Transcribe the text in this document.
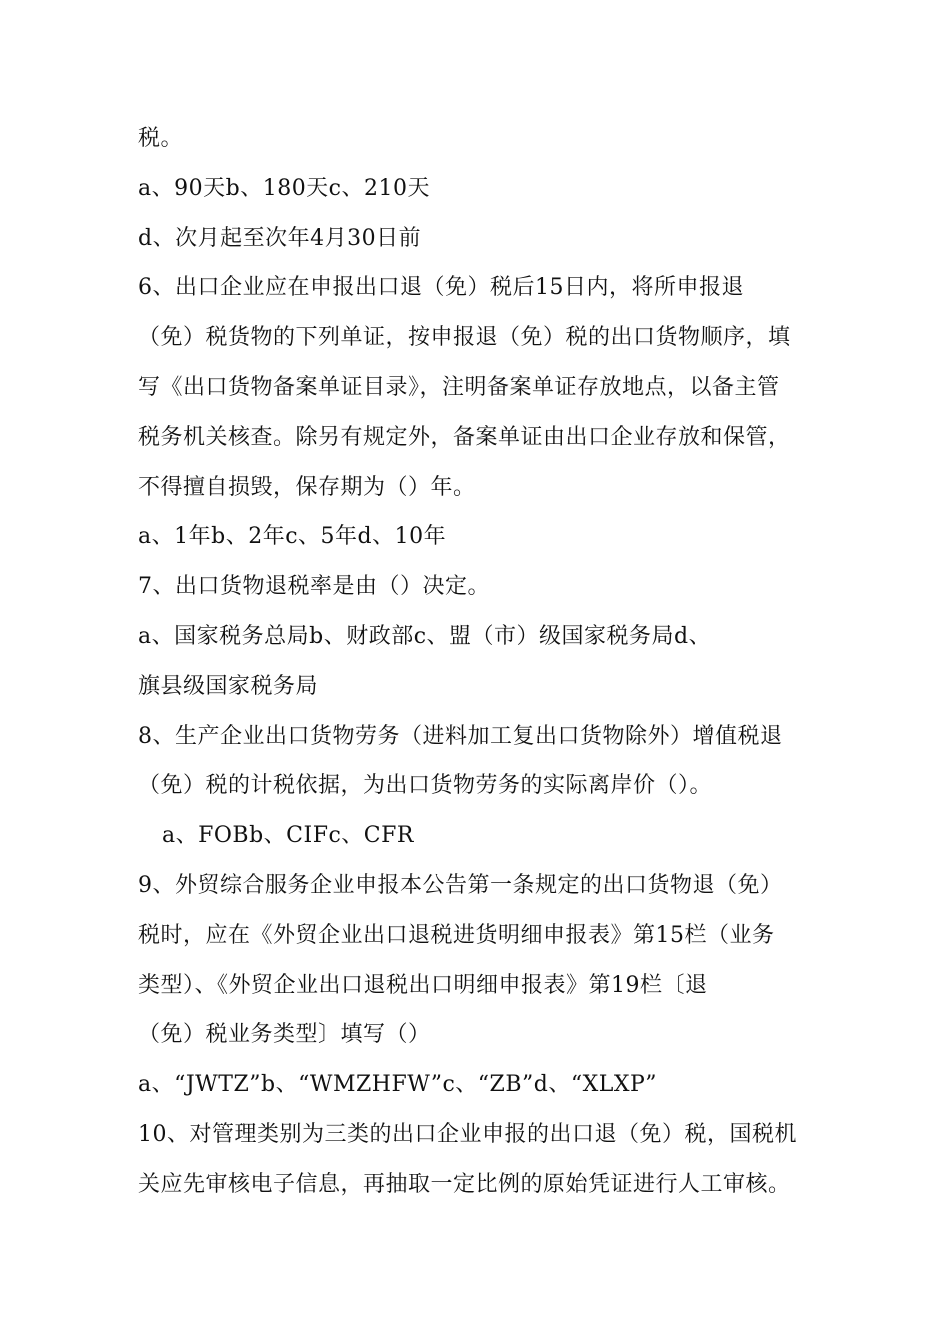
税。
a、90天b、180天c、210天
d、次月起至次年4月30日前
6、出口企业应在申报出口退（免）税后15日内，将所申报退
（免）税货物的下列单证，按申报退（免）税的出口货物顺序，填
写《出口货物备案单证目录》，注明备案单证存放地点，以备主管
税务机关核查。除另有规定外，备案单证由出口企业存放和保管，
不得擅自损毁，保存期为（）年。
a、1年b、2年c、5年d、10年
7、出口货物退税率是由（）决定。
a、国家税务总局b、财政部c、盟（市）级国家税务局d、
旗县级国家税务局
8、生产企业出口货物劳务（进料加工复出口货物除外）增值税退
（免）税的计税依据，为出口货物劳务的实际离岸价（）。
a、FOBb、CIFc、CFR
9、外贸综合服务企业申报本公告第一条规定的出口货物退（免）
税时，应在《外贸企业出口退税进货明细申报表》第15栏（业务
类型）、《外贸企业出口退税出口明细申报表》第19栏〔退
（免）税业务类型〕填写（）
a、“JWTZ”b、“WMZHFW”c、“ZB”d、“XLXP”
10、对管理类别为三类的出口企业申报的出口退（免）税，国税机
关应先审核电子信息，再抽取一定比例的原始凭证进行人工审核。
